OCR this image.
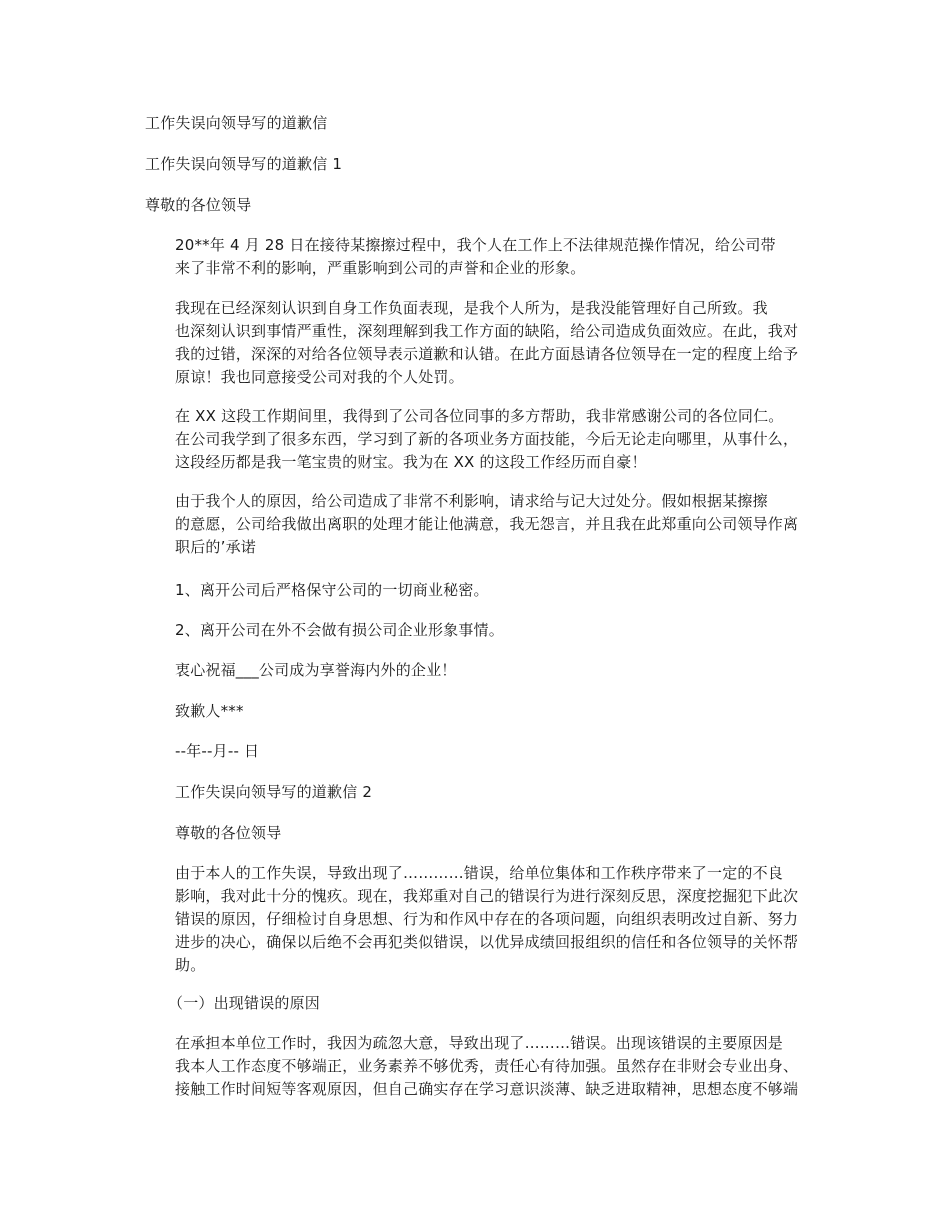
工作失误向领导写的道歉信

工作失误向领导写的道歉信 1

尊敬的各位领导

20**年 4 月 28 日在接待某擦擦过程中，我个人在工作上不法律规范操作情况，给公司带
来了非常不利的影响，严重影响到公司的声誉和企业的形象。
我现在已经深刻认识到自身工作负面表现，是我个人所为，是我没能管理好自己所致。我
也深刻认识到事情严重性，深刻理解到我工作方面的缺陷，给公司造成负面效应。在此，我对
我的过错，深深的对给各位领导表示道歉和认错。在此方面恳请各位领导在一定的程度上给予
原谅！我也同意接受公司对我的个人处罚。
在 XX 这段工作期间里，我得到了公司各位同事的多方帮助，我非常感谢公司的各位同仁。
在公司我学到了很多东西，学习到了新的各项业务方面技能，今后无论走向哪里，从事什么，
这段经历都是我一笔宝贵的财宝。我为在 XX 的这段工作经历而自豪！
由于我个人的原因，给公司造成了非常不利影响，请求给与记大过处分。假如根据某擦擦
的意愿，公司给我做出离职的处理才能让他满意，我无怨言，并且我在此郑重向公司领导作离
职后的’承诺

1、离开公司后严格保守公司的一切商业秘密。

2、离开公司在外不会做有损公司企业形象事情。

衷心祝福___公司成为享誉海内外的企业！

致歉人***

--年--月-- 日

工作失误向领导写的道歉信 2

尊敬的各位领导

由于本人的工作失误，导致出现了…………错误，给单位集体和工作秩序带来了一定的不良
影响，我对此十分的愧疚。现在，我郑重对自己的错误行为进行深刻反思，深度挖掘犯下此次
错误的原因，仔细检讨自身思想、行为和作风中存在的各项问题，向组织表明改过自新、努力
进步的决心，确保以后绝不会再犯类似错误，以优异成绩回报组织的信任和各位领导的关怀帮
助。

（一）出现错误的原因

在承担本单位工作时，我因为疏忽大意，导致出现了………错误。出现该错误的主要原因是
我本人工作态度不够端正，业务素养不够优秀，责任心有待加强。虽然存在非财会专业出身、
接触工作时间短等客观原因，但自己确实存在学习意识淡薄、缺乏进取精神，思想态度不够端
